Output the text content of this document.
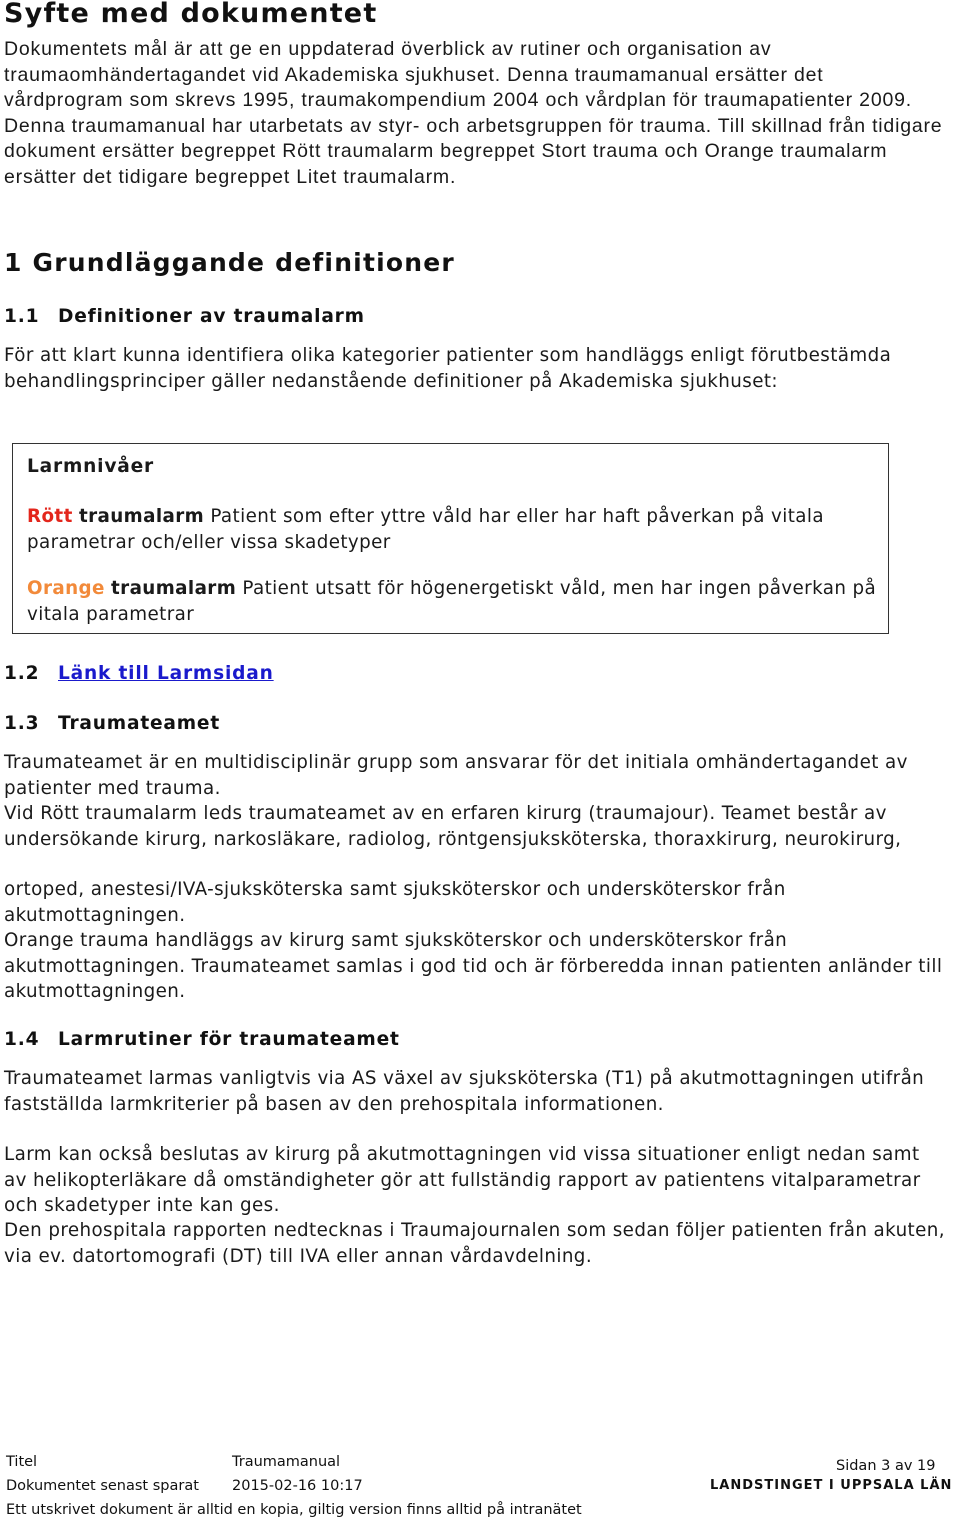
Syfte med dokumentet
Dokumentets mål är att ge en uppdaterad överblick av rutiner och organisation av traumaomhändertagandet vid Akademiska sjukhuset. Denna traumamanual ersätter det vårdprogram som skrevs 1995, traumakompendium 2004 och vårdplan för traumapatienter 2009. Denna traumamanual har utarbetats av styr- och arbetsgruppen för trauma. Till skillnad från tidigare dokument ersätter begreppet Rött traumalarm begreppet Stort trauma och Orange traumalarm ersätter det tidigare begreppet Litet traumalarm.
1 Grundläggande definitioner
1.1 Definitioner av traumalarm
För att klart kunna identifiera olika kategorier patienter som handläggs enligt förutbestämda behandlingsprinciper gäller nedanstående definitioner på Akademiska sjukhuset:
Larmnivåer
Rött traumalarm Patient som efter yttre våld har eller har haft påverkan på vitala parametrar och/eller vissa skadetyper
Orange traumalarm Patient utsatt för högenergetiskt våld, men har ingen påverkan på vitala parametrar
1.2 Länk till Larmsidan
1.3 Traumateamet
Traumateamet är en multidisciplinär grupp som ansvarar för det initiala omhändertagandet av patienter med trauma.
Vid Rött traumalarm leds traumateamet av en erfaren kirurg (traumajour). Teamet består av undersökande kirurg, narkosläkare, radiolog, röntgensjuksköterska, thoraxkirurg, neurokirurg,
ortoped, anestesi/IVA-sjuksköterska samt sjuksköterskor och undersköterskor från akutmottagningen.
Orange trauma handläggs av kirurg samt sjuksköterskor och undersköterskor från akutmottagningen. Traumateamet samlas i god tid och är förberedda innan patienten anländer till akutmottagningen.
1.4 Larmrutiner för traumateamet
Traumateamet larmas vanligtvis via AS växel av sjuksköterska (T1) på akutmottagningen utifrån fastställda larmkriterier på basen av den prehospitala informationen.
Larm kan också beslutas av kirurg på akutmottagningen vid vissa situationer enligt nedan samt av helikopterläkare då omständigheter gör att fullständig rapport av patientens vitalparametrar och skadetyper inte kan ges.
Den prehospitala rapporten nedtecknas i Traumajournalen som sedan följer patienten från akuten, via ev. datortomografi (DT) till IVA eller annan vårdavdelning.
Titel	Traumamanual	Sidan 3 av 19
Dokumentet senast sparat 2015-02-16 10:17	LANDSTINGET I UPPSALA LÄN
Ett utskrivet dokument är alltid en kopia, giltig version finns alltid på intranätet
